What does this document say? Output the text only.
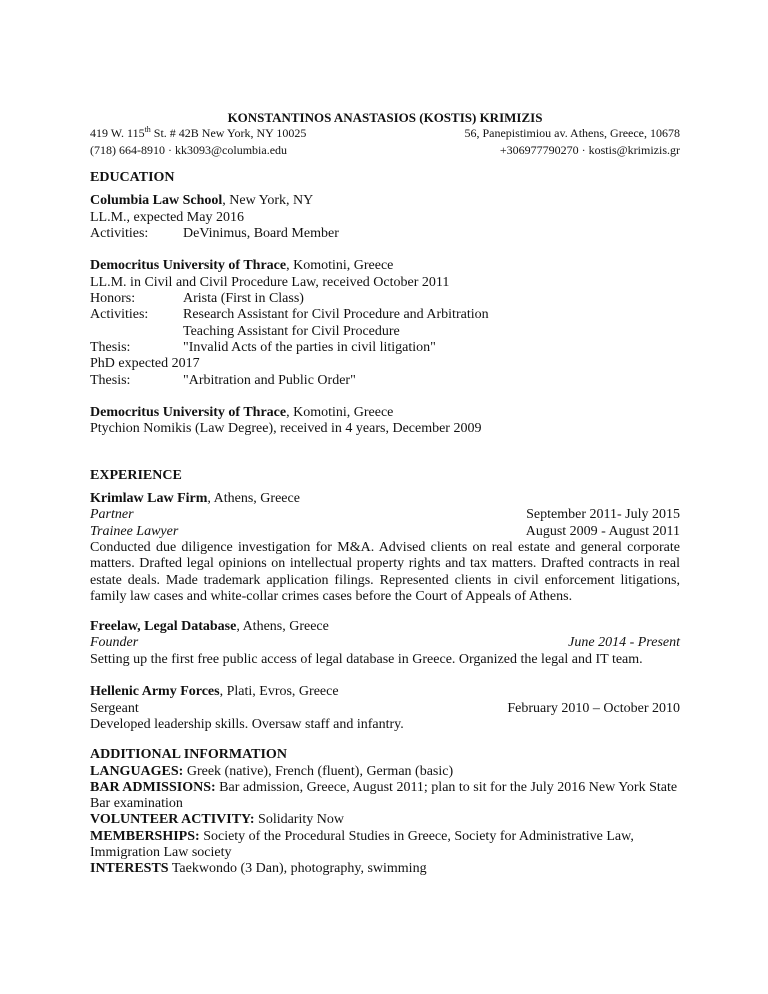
KONSTANTINOS ANASTASIOS (KOSTIS) KRIMIZIS
419 W. 115th St. # 42B New York, NY 10025	56, Panepistimiou av. Athens, Greece, 10678
(718) 664-8910 · kk3093@columbia.edu	+306977790270 · kostis@krimizis.gr
EDUCATION
Columbia Law School, New York, NY
LL.M., expected May 2016
Activities: DeVinimus, Board Member
Democritus University of Thrace, Komotini, Greece
LL.M. in Civil and Civil Procedure Law, received October 2011
Honors:	Arista (First in Class)
Activities: Research Assistant for Civil Procedure and Arbitration
Teaching Assistant for Civil Procedure
Thesis:	"Invalid Acts of the parties in civil litigation"
PhD expected 2017
Thesis:	"Arbitration and Public Order"
Democritus University of Thrace, Komotini, Greece
Ptychion Nomikis (Law Degree), received in 4 years, December 2009
EXPERIENCE
Krimlaw Law Firm, Athens, Greece
Partner	September 2011- July 2015
Trainee Lawyer	August 2009 - August 2011
Conducted due diligence investigation for M&A. Advised clients on real estate and general corporate matters. Drafted legal opinions on intellectual property rights and tax matters. Drafted contracts in real estate deals. Made trademark application filings. Represented clients in civil enforcement litigations, family law cases and white-collar crimes cases before the Court of Appeals of Athens.
Freelaw, Legal Database, Athens, Greece
Founder	June 2014 - Present
Setting up the first free public access of legal database in Greece. Organized the legal and IT team.
Hellenic Army Forces, Plati, Evros, Greece
Sergeant	February 2010 – October 2010
Developed leadership skills. Oversaw staff and infantry.
ADDITIONAL INFORMATION
LANGUAGES: Greek (native), French (fluent), German (basic)
BAR ADMISSIONS: Bar admission, Greece, August 2011; plan to sit for the July 2016 New York State Bar examination
VOLUNTEER ACTIVITY: Solidarity Now
MEMBERSHIPS: Society of the Procedural Studies in Greece, Society for Administrative Law, Immigration Law society
INTERESTS Taekwondo (3 Dan), photography, swimming
